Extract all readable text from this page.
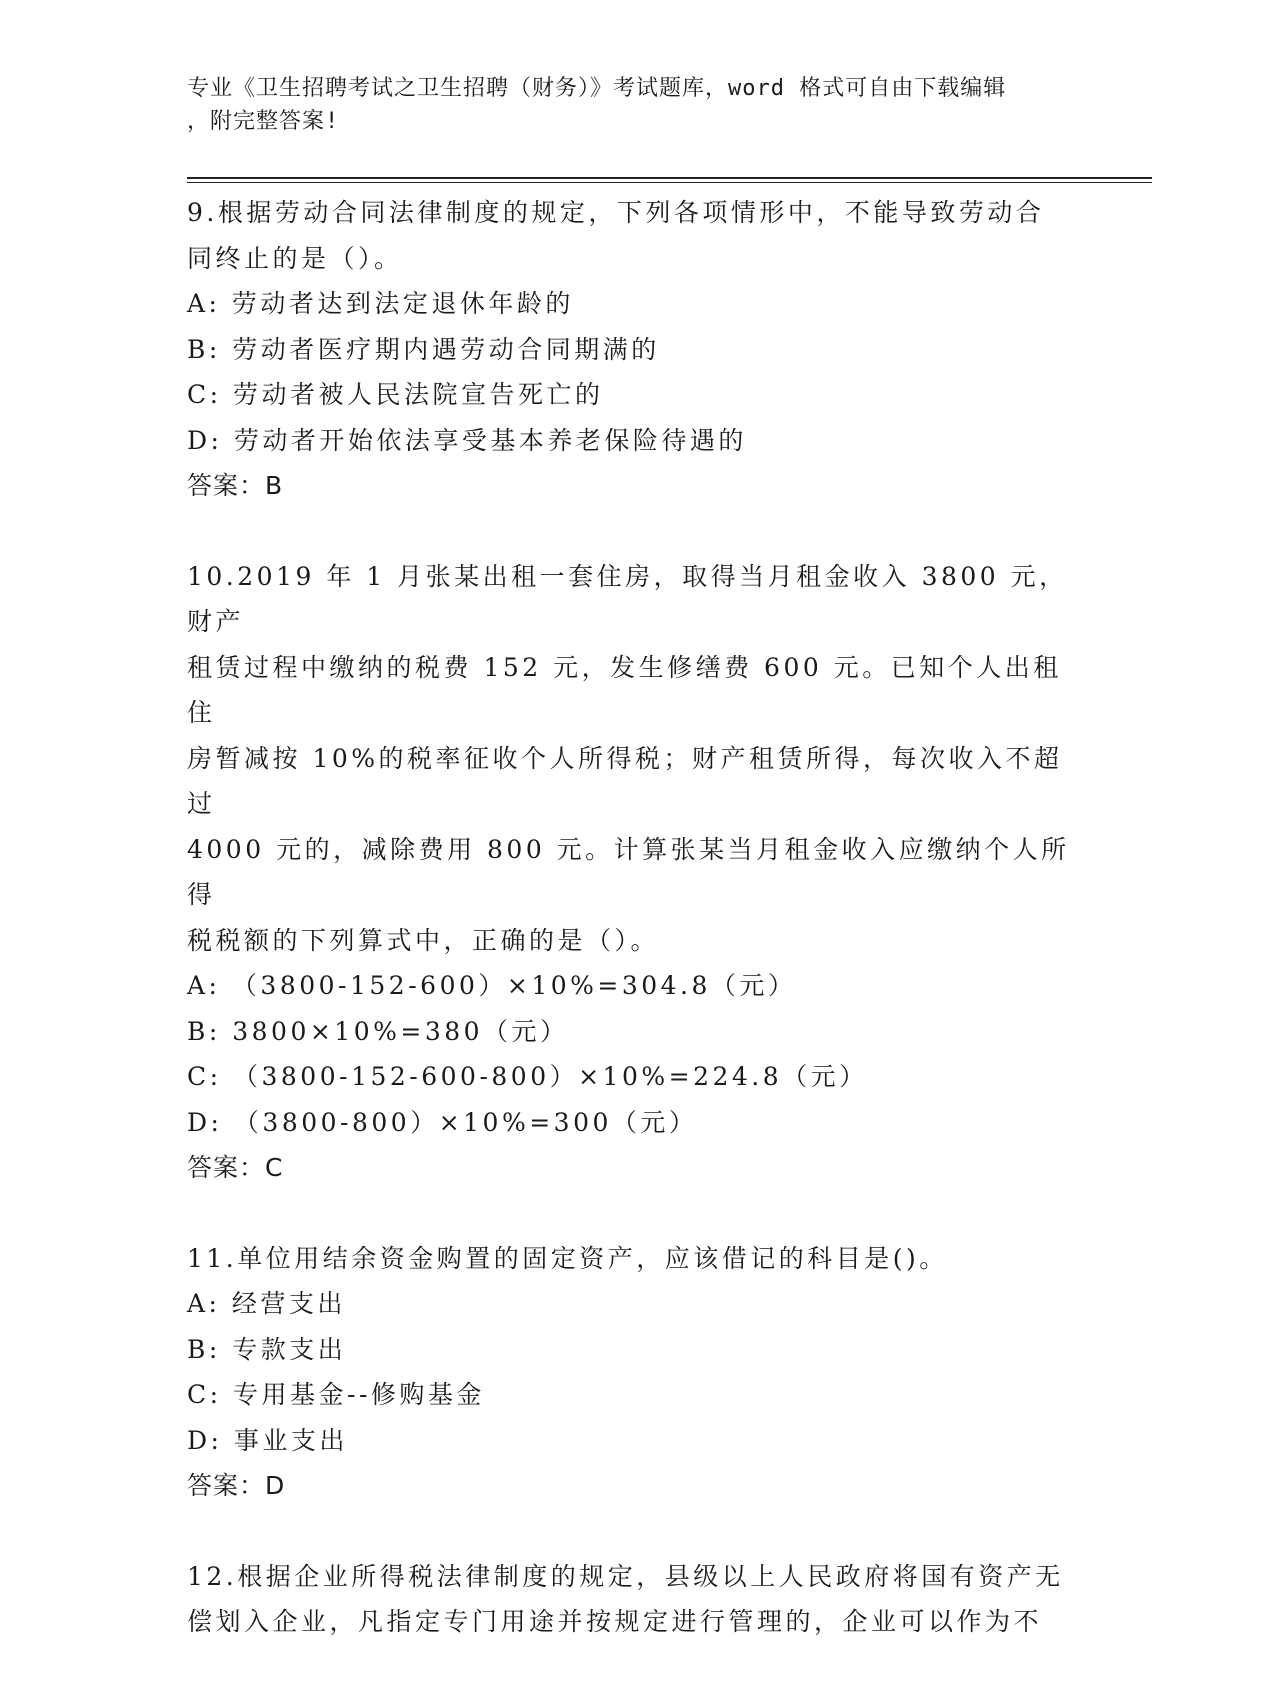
专业《卫生招聘考试之卫生招聘（财务）》考试题库，word 格式可自由下载编辑
，附完整答案!
9.根据劳动合同法律制度的规定，下列各项情形中，不能导致劳动合
同终止的是（）。
A: 劳动者达到法定退休年龄的
B: 劳动者医疗期内遇劳动合同期满的
C: 劳动者被人民法院宣告死亡的
D: 劳动者开始依法享受基本养老保险待遇的
答案：B
10.2019 年 1 月张某出租一套住房，取得当月租金收入 3800 元，财产
租赁过程中缴纳的税费 152 元，发生修缮费 600 元。已知个人出租住
房暂减按 10%的税率征收个人所得税；财产租赁所得，每次收入不超过
4000 元的，减除费用 800 元。计算张某当月租金收入应缴纳个人所得
税税额的下列算式中，正确的是（）。
A: （3800-152-600）×10%=304.8（元）
B: 3800×10%=380（元）
C: （3800-152-600-800）×10%=224.8（元）
D: （3800-800）×10%=300（元）
答案：C
11.单位用结余资金购置的固定资产，应该借记的科目是()。
A: 经营支出
B: 专款支出
C: 专用基金--修购基金
D: 事业支出
答案：D
12.根据企业所得税法律制度的规定，县级以上人民政府将国有资产无
偿划入企业，凡指定专门用途并按规定进行管理的，企业可以作为不
